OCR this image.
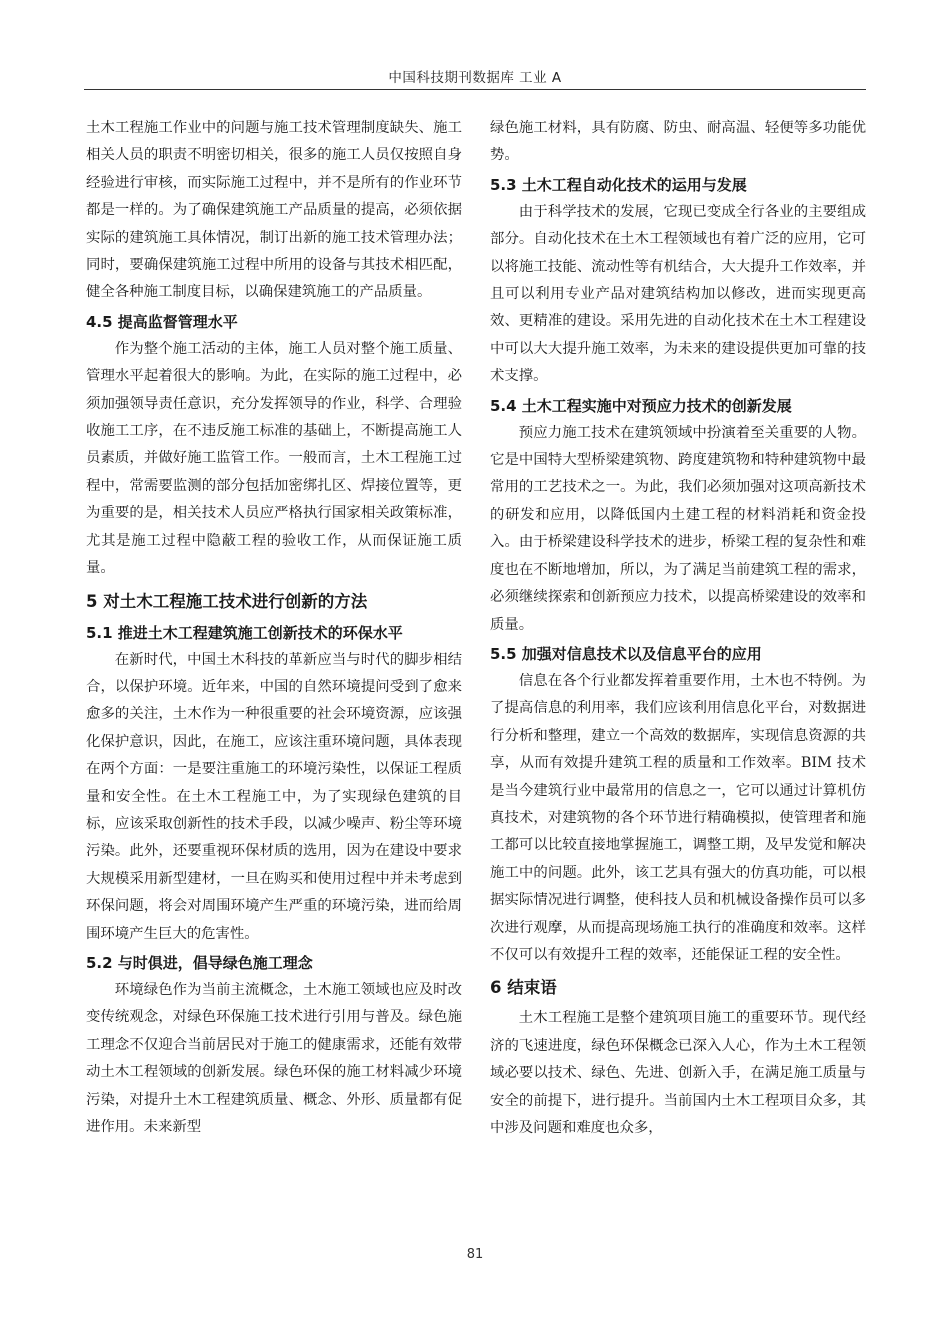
中国科技期刊数据库 工业 A

土木工程施工作业中的问题与施工技术管理制度缺失、施工相关人员的职责不明密切相关，很多的施工人员仅按照自身经验进行审核，而实际施工过程中，并不是所有的作业环节都是一样的。为了确保建筑施工产品质量的提高，必须依据实际的建筑施工具体情况，制订出新的施工技术管理办法；同时，要确保建筑施工过程中所用的设备与其技术相匹配，健全各种施工制度目标，以确保建筑施工的产品质量。

4.5 提高监督管理水平

作为整个施工活动的主体，施工人员对整个施工质量、管理水平起着很大的影响。为此，在实际的施工过程中，必须加强领导责任意识，充分发挥领导的作业，科学、合理验收施工工序，在不违反施工标准的基础上，不断提高施工人员素质，并做好施工监管工作。一般而言，土木工程施工过程中，常需要监测的部分包括加密绑扎区、焊接位置等，更为重要的是，相关技术人员应严格执行国家相关政策标准，尤其是施工过程中隐蔽工程的验收工作，从而保证施工质量。

5 对土木工程施工技术进行创新的方法
5.1 推进土木工程建筑施工创新技术的环保水平

在新时代，中国土木科技的革新应当与时代的脚步相结合，以保护环境。近年来，中国的自然环境提问受到了愈来愈多的关注，土木作为一种很重要的社会环境资源，应该强化保护意识，因此，在施工，应该注重环境问题，具体表现在两个方面：一是要注重施工的环境污染性，以保证工程质量和安全性。在土木工程施工中，为了实现绿色建筑的目标，应该采取创新性的技术手段，以减少噪声、粉尘等环境污染。此外，还要重视环保材质的选用，因为在建设中要求大规模采用新型建材，一旦在购买和使用过程中并未考虑到环保问题，将会对周围环境产生严重的环境污染，进而给周围环境产生巨大的危害性。

5.2 与时俱进，倡导绿色施工理念

环境绿色作为当前主流概念，土木施工领域也应及时改变传统观念，对绿色环保施工技术进行引用与普及。绿色施工理念不仅迎合当前居民对于施工的健康需求，还能有效带动土木工程领域的创新发展。绿色环保的施工材料减少环境污染，对提升土木工程建筑质量、概念、外形、质量都有促进作用。未来新型

绿色施工材料，具有防腐、防虫、耐高温、轻便等多功能优势。

5.3 土木工程自动化技术的运用与发展

由于科学技术的发展，它现已变成全行各业的主要组成部分。自动化技术在土木工程领域也有着广泛的应用，它可以将施工技能、流动性等有机结合，大大提升工作效率，并且可以利用专业产品对建筑结构加以修改，进而实现更高效、更精准的建设。采用先进的自动化技术在土木工程建设中可以大大提升施工效率，为未来的建设提供更加可靠的技术支撑。

5.4 土木工程实施中对预应力技术的创新发展

预应力施工技术在建筑领域中扮演着至关重要的人物。它是中国特大型桥梁建筑物、跨度建筑物和特种建筑物中最常用的工艺技术之一。为此，我们必须加强对这项高新技术的研发和应用，以降低国内土建工程的材料消耗和资金投入。由于桥梁建设科学技术的进步，桥梁工程的复杂性和难度也在不断地增加，所以，为了满足当前建筑工程的需求，必须继续探索和创新预应力技术，以提高桥梁建设的效率和质量。

5.5 加强对信息技术以及信息平台的应用

信息在各个行业都发挥着重要作用，土木也不特例。为了提高信息的利用率，我们应该利用信息化平台，对数据进行分析和整理，建立一个高效的数据库，实现信息资源的共享，从而有效提升建筑工程的质量和工作效率。BIM 技术是当今建筑行业中最常用的信息之一，它可以通过计算机仿真技术，对建筑物的各个环节进行精确模拟，使管理者和施工都可以比较直接地掌握施工，调整工期，及早发觉和解决施工中的问题。此外，该工艺具有强大的仿真功能，可以根据实际情况进行调整，使科技人员和机械设备操作员可以多次进行观摩，从而提高现场施工执行的准确度和效率。这样不仅可以有效提升工程的效率，还能保证工程的安全性。

6 结束语

土木工程施工是整个建筑项目施工的重要环节。现代经济的飞速进度，绿色环保概念已深入人心，作为土木工程领域必要以技术、绿色、先进、创新入手，在满足施工质量与安全的前提下，进行提升。当前国内土木工程项目众多，其中涉及问题和难度也众多，

81
